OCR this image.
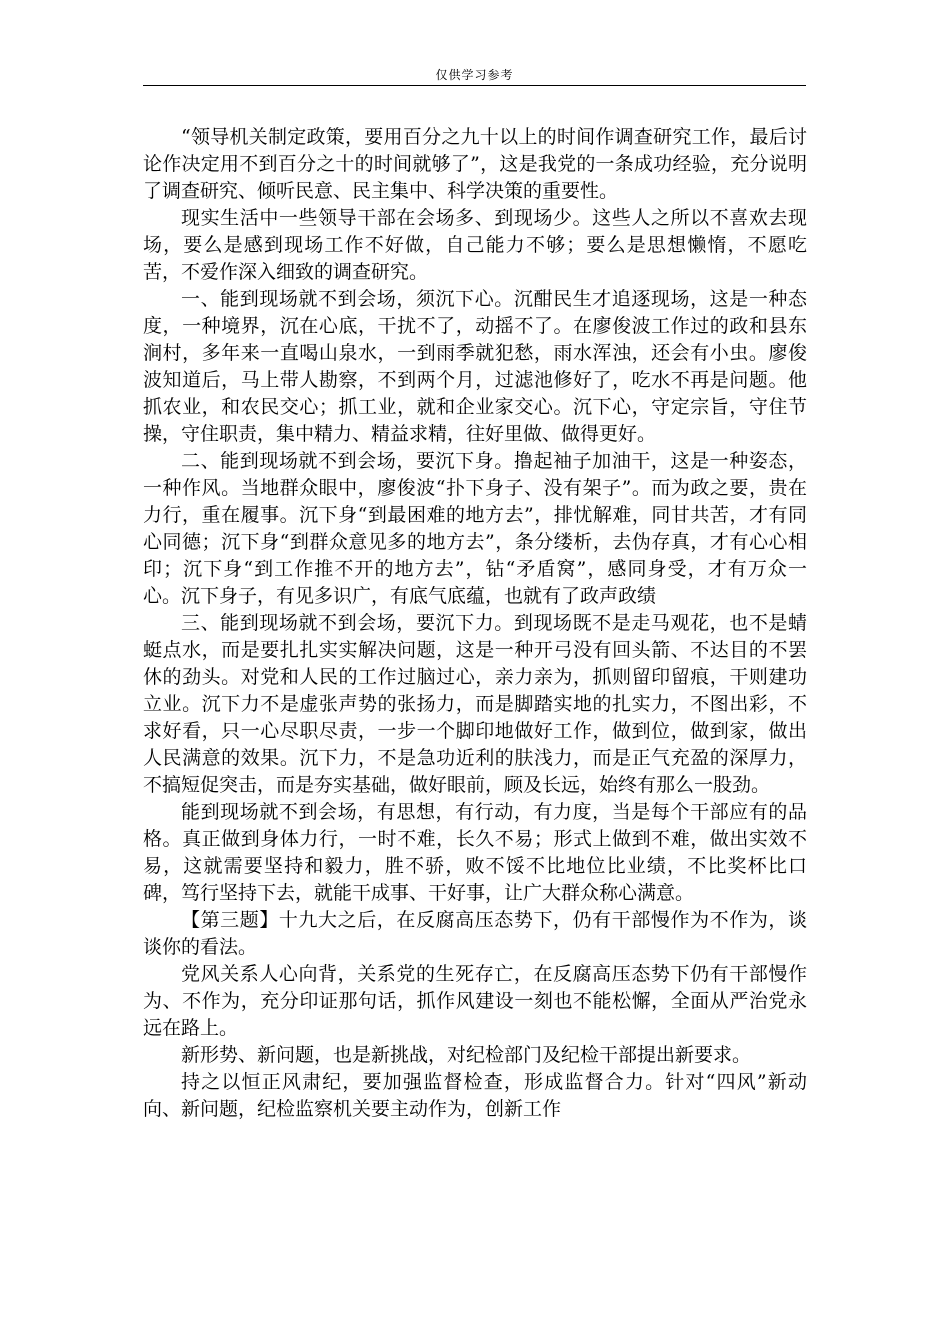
仅供学习参考

“领导机关制定政策，要用百分之九十以上的时间作调查研究工作，最后讨论作决定用不到百分之十的时间就够了”，这是我党的一条成功经验，充分说明了调查研究、倾听民意、民主集中、科学决策的重要性。

现实生活中一些领导干部在会场多、到现场少。这些人之所以不喜欢去现场，要么是感到现场工作不好做，自己能力不够；要么是思想懒惰，不愿吃苦，不爱作深入细致的调查研究。

一、能到现场就不到会场，须沉下心。沉酣民生才追逐现场，这是一种态度，一种境界，沉在心底，干扰不了，动摇不了。在廖俊波工作过的政和县东涧村，多年来一直喝山泉水，一到雨季就犯愁，雨水浑浊，还会有小虫。廖俊波知道后，马上带人勘察，不到两个月，过滤池修好了，吃水不再是问题。他抓农业，和农民交心；抓工业，就和企业家交心。沉下心，守定宗旨，守住节操，守住职责，集中精力、精益求精，往好里做、做得更好。

二、能到现场就不到会场，要沉下身。撸起袖子加油干，这是一种姿态，一种作风。当地群众眼中，廖俊波“扑下身子、没有架子”。而为政之要，贵在力行，重在履事。沉下身“到最困难的地方去”，排忧解难，同甘共苦，才有同心同德；沉下身“到群众意见多的地方去”，条分缕析，去伪存真，才有心心相印；沉下身“到工作推不开的地方去”，钻“矛盾窝”，感同身受，才有万众一心。沉下身子，有见多识广，有底气底蕴，也就有了政声政绩

三、能到现场就不到会场，要沉下力。到现场既不是走马观花，也不是蜻蜓点水，而是要扎扎实实解决问题，这是一种开弓没有回头箭、不达目的不罢休的劲头。对党和人民的工作过脑过心，亲力亲为，抓则留印留痕，干则建功立业。沉下力不是虚张声势的张扬力，而是脚踏实地的扎实力，不图出彩，不求好看，只一心尽职尽责，一步一个脚印地做好工作，做到位，做到家，做出人民满意的效果。沉下力，不是急功近利的肤浅力，而是正气充盈的深厚力，不搞短促突击，而是夯实基础，做好眼前，顾及长远，始终有那么一股劲。

能到现场就不到会场，有思想，有行动，有力度，当是每个干部应有的品格。真正做到身体力行，一时不难，长久不易；形式上做到不难，做出实效不易，这就需要坚持和毅力，胜不骄，败不馁不比地位比业绩，不比奖杯比口碑，笃行坚持下去，就能干成事、干好事，让广大群众称心满意。

【第三题】十九大之后，在反腐高压态势下，仍有干部慢作为不作为，谈谈你的看法。

党风关系人心向背，关系党的生死存亡，在反腐高压态势下仍有干部慢作为、不作为，充分印证那句话，抓作风建设一刻也不能松懈，全面从严治党永远在路上。

新形势、新问题，也是新挑战，对纪检部门及纪检干部提出新要求。

持之以恒正风肃纪，要加强监督检查，形成监督合力。针对“四风”新动向、新问题，纪检监察机关要主动作为，创新工作
